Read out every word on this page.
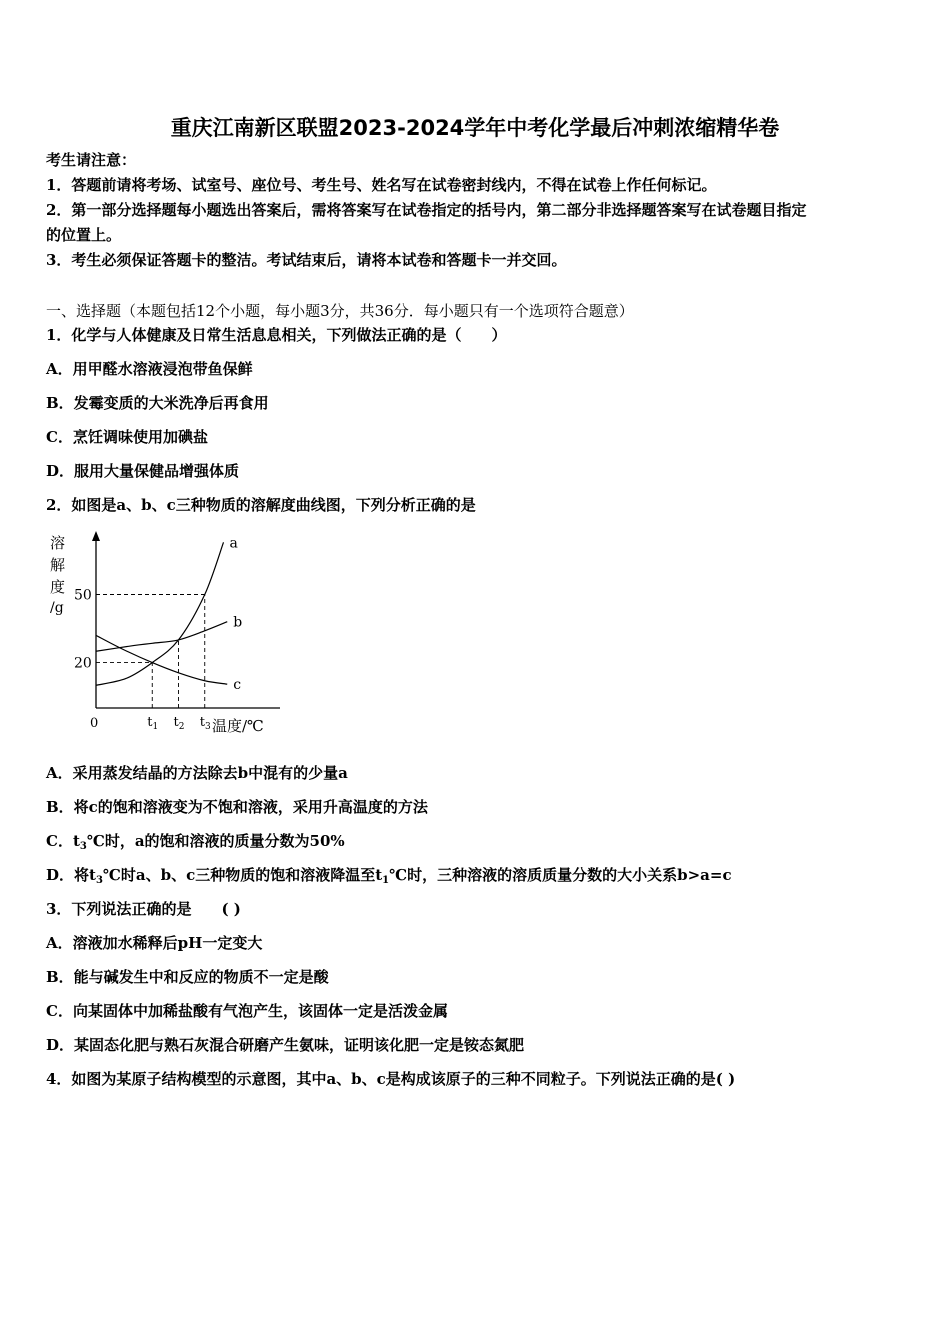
重庆江南新区联盟2023-2024学年中考化学最后冲刺浓缩精华卷
考生请注意：
1．答题前请将考场、试室号、座位号、考生号、姓名写在试卷密封线内，不得在试卷上作任何标记。
2．第一部分选择题每小题选出答案后，需将答案写在试卷指定的括号内，第二部分非选择题答案写在试卷题目指定
的位置上。
3．考生必须保证答题卡的整洁。考试结束后，请将本试卷和答题卡一并交回。
一、选择题（本题包括12个小题，每小题3分，共36分．每小题只有一个选项符合题意）
1．化学与人体健康及日常生活息息相关，下列做法正确的是（　　）
A．用甲醛水溶液浸泡带鱼保鲜
B．发霉变质的大米洗净后再食用
C．烹饪调味使用加碘盐
D．服用大量保健品增强体质
2．如图是a、b、c三种物质的溶解度曲线图，下列分析正确的是
溶
解
度
/g
0	温度/℃
20
50
$t_1$ $t_2$ $t_3$
a
b
c
A．采用蒸发结晶的方法除去b中混有的少量a
B．将c的饱和溶液变为不饱和溶液，采用升高温度的方法
C．$t_3℃$时，a的饱和溶液的质量分数为50%
D．将$t_3℃$时a、b、c三种物质的饱和溶液降温至$t_1℃$时，三种溶液的溶质质量分数的大小关系b>a=c
3．下列说法正确的是　　( )
A．溶液加水稀释后pH一定变大
B．能与碱发生中和反应的物质不一定是酸
C．向某固体中加稀盐酸有气泡产生，该固体一定是活泼金属
D．某固态化肥与熟石灰混合研磨产生氨味，证明该化肥一定是铵态氮肥
4．如图为某原子结构模型的示意图，其中a、b、c是构成该原子的三种不同粒子。下列说法正确的是( )
